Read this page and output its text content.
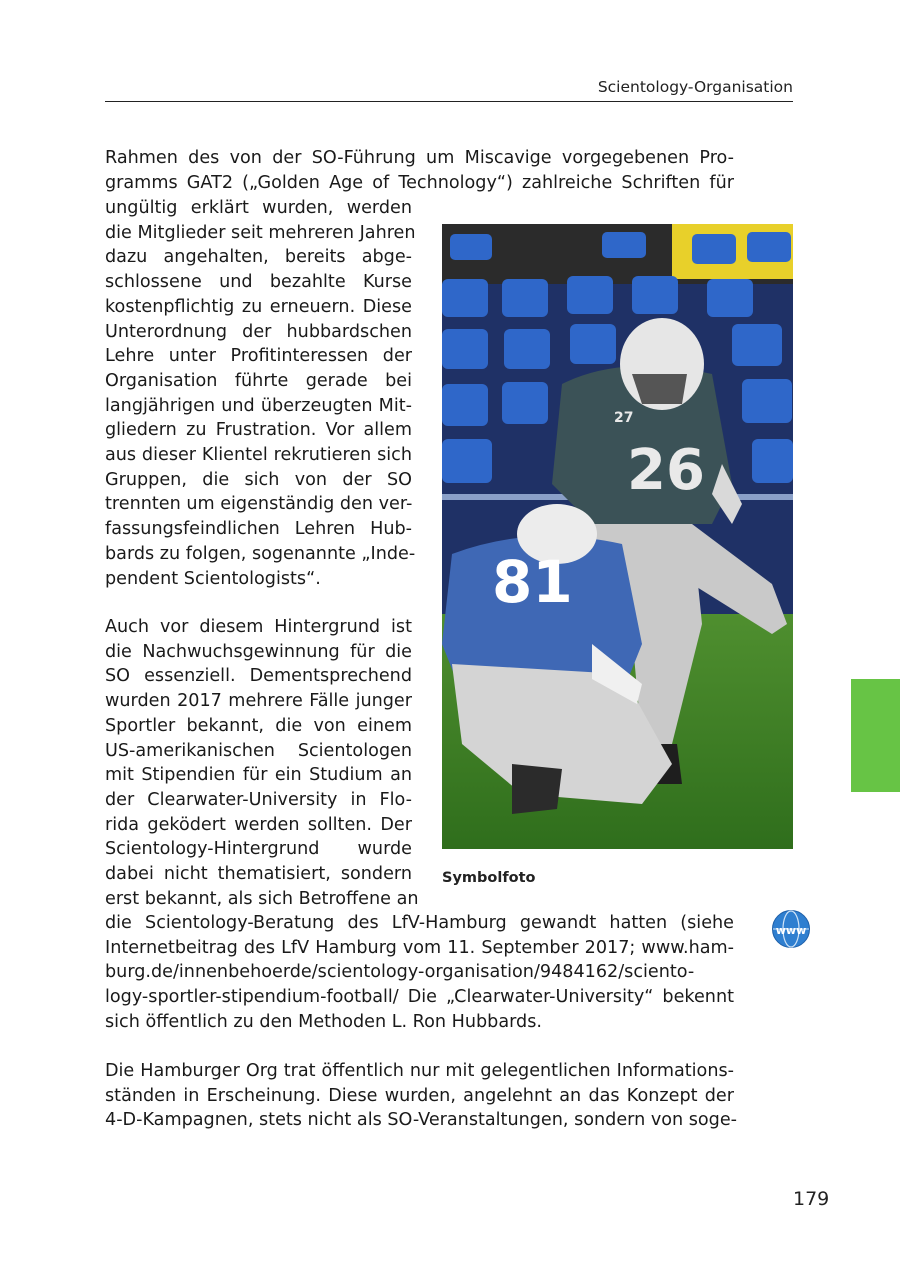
Scientology-Organisation
Rahmen des von der SO-Führung um Miscavige vorgegebenen Pro-
gramms GAT2 („Golden Age of Technology“) zahlreiche Schriften für
ungültig erklärt wurden, werden
die Mitglieder seit mehreren Jahren
dazu angehalten, bereits abge-
schlossene und bezahlte Kurse
kostenpflichtig zu erneuern. Diese
Unterordnung der hubbardschen
Lehre unter Profitinteressen der
Organisation führte gerade bei
langjährigen und überzeugten Mit-
gliedern zu Frustration. Vor allem
aus dieser Klientel rekrutieren sich
Gruppen, die sich von der SO
trennten um eigenständig den ver-
fassungsfeindlichen Lehren Hub-
bards zu folgen, sogenannte „Inde-
pendent Scientologists“.
Auch vor diesem Hintergrund ist
die Nachwuchsgewinnung für die
SO essenziell. Dementsprechend
wurden 2017 mehrere Fälle junger
Sportler bekannt, die von einem
US-amerikanischen Scientologen
mit Stipendien für ein Studium an
der Clearwater-University in Flo-
rida geködert werden sollten. Der
Scientology-Hintergrund wurde
dabei nicht thematisiert, sondern
erst bekannt, als sich Betroffene an
die Scientology-Beratung des LfV-Hamburg gewandt hatten (siehe
Internetbeitrag des LfV Hamburg vom 11. September 2017; www.ham-
burg.de/innenbehoerde/scientology-organisation/9484162/sciento-
logy-sportler-stipendium-football/ Die „Clearwater-University“ bekennt
sich öffentlich zu den Methoden L. Ron Hubbards.
Die Hamburger Org trat öffentlich nur mit gelegentlichen Informations-
ständen in Erscheinung. Diese wurden, angelehnt an das Konzept der
4-D-Kampagnen, stets nicht als SO-Veranstaltungen, sondern von soge-
26
27
81
Symbolfoto
www
179
